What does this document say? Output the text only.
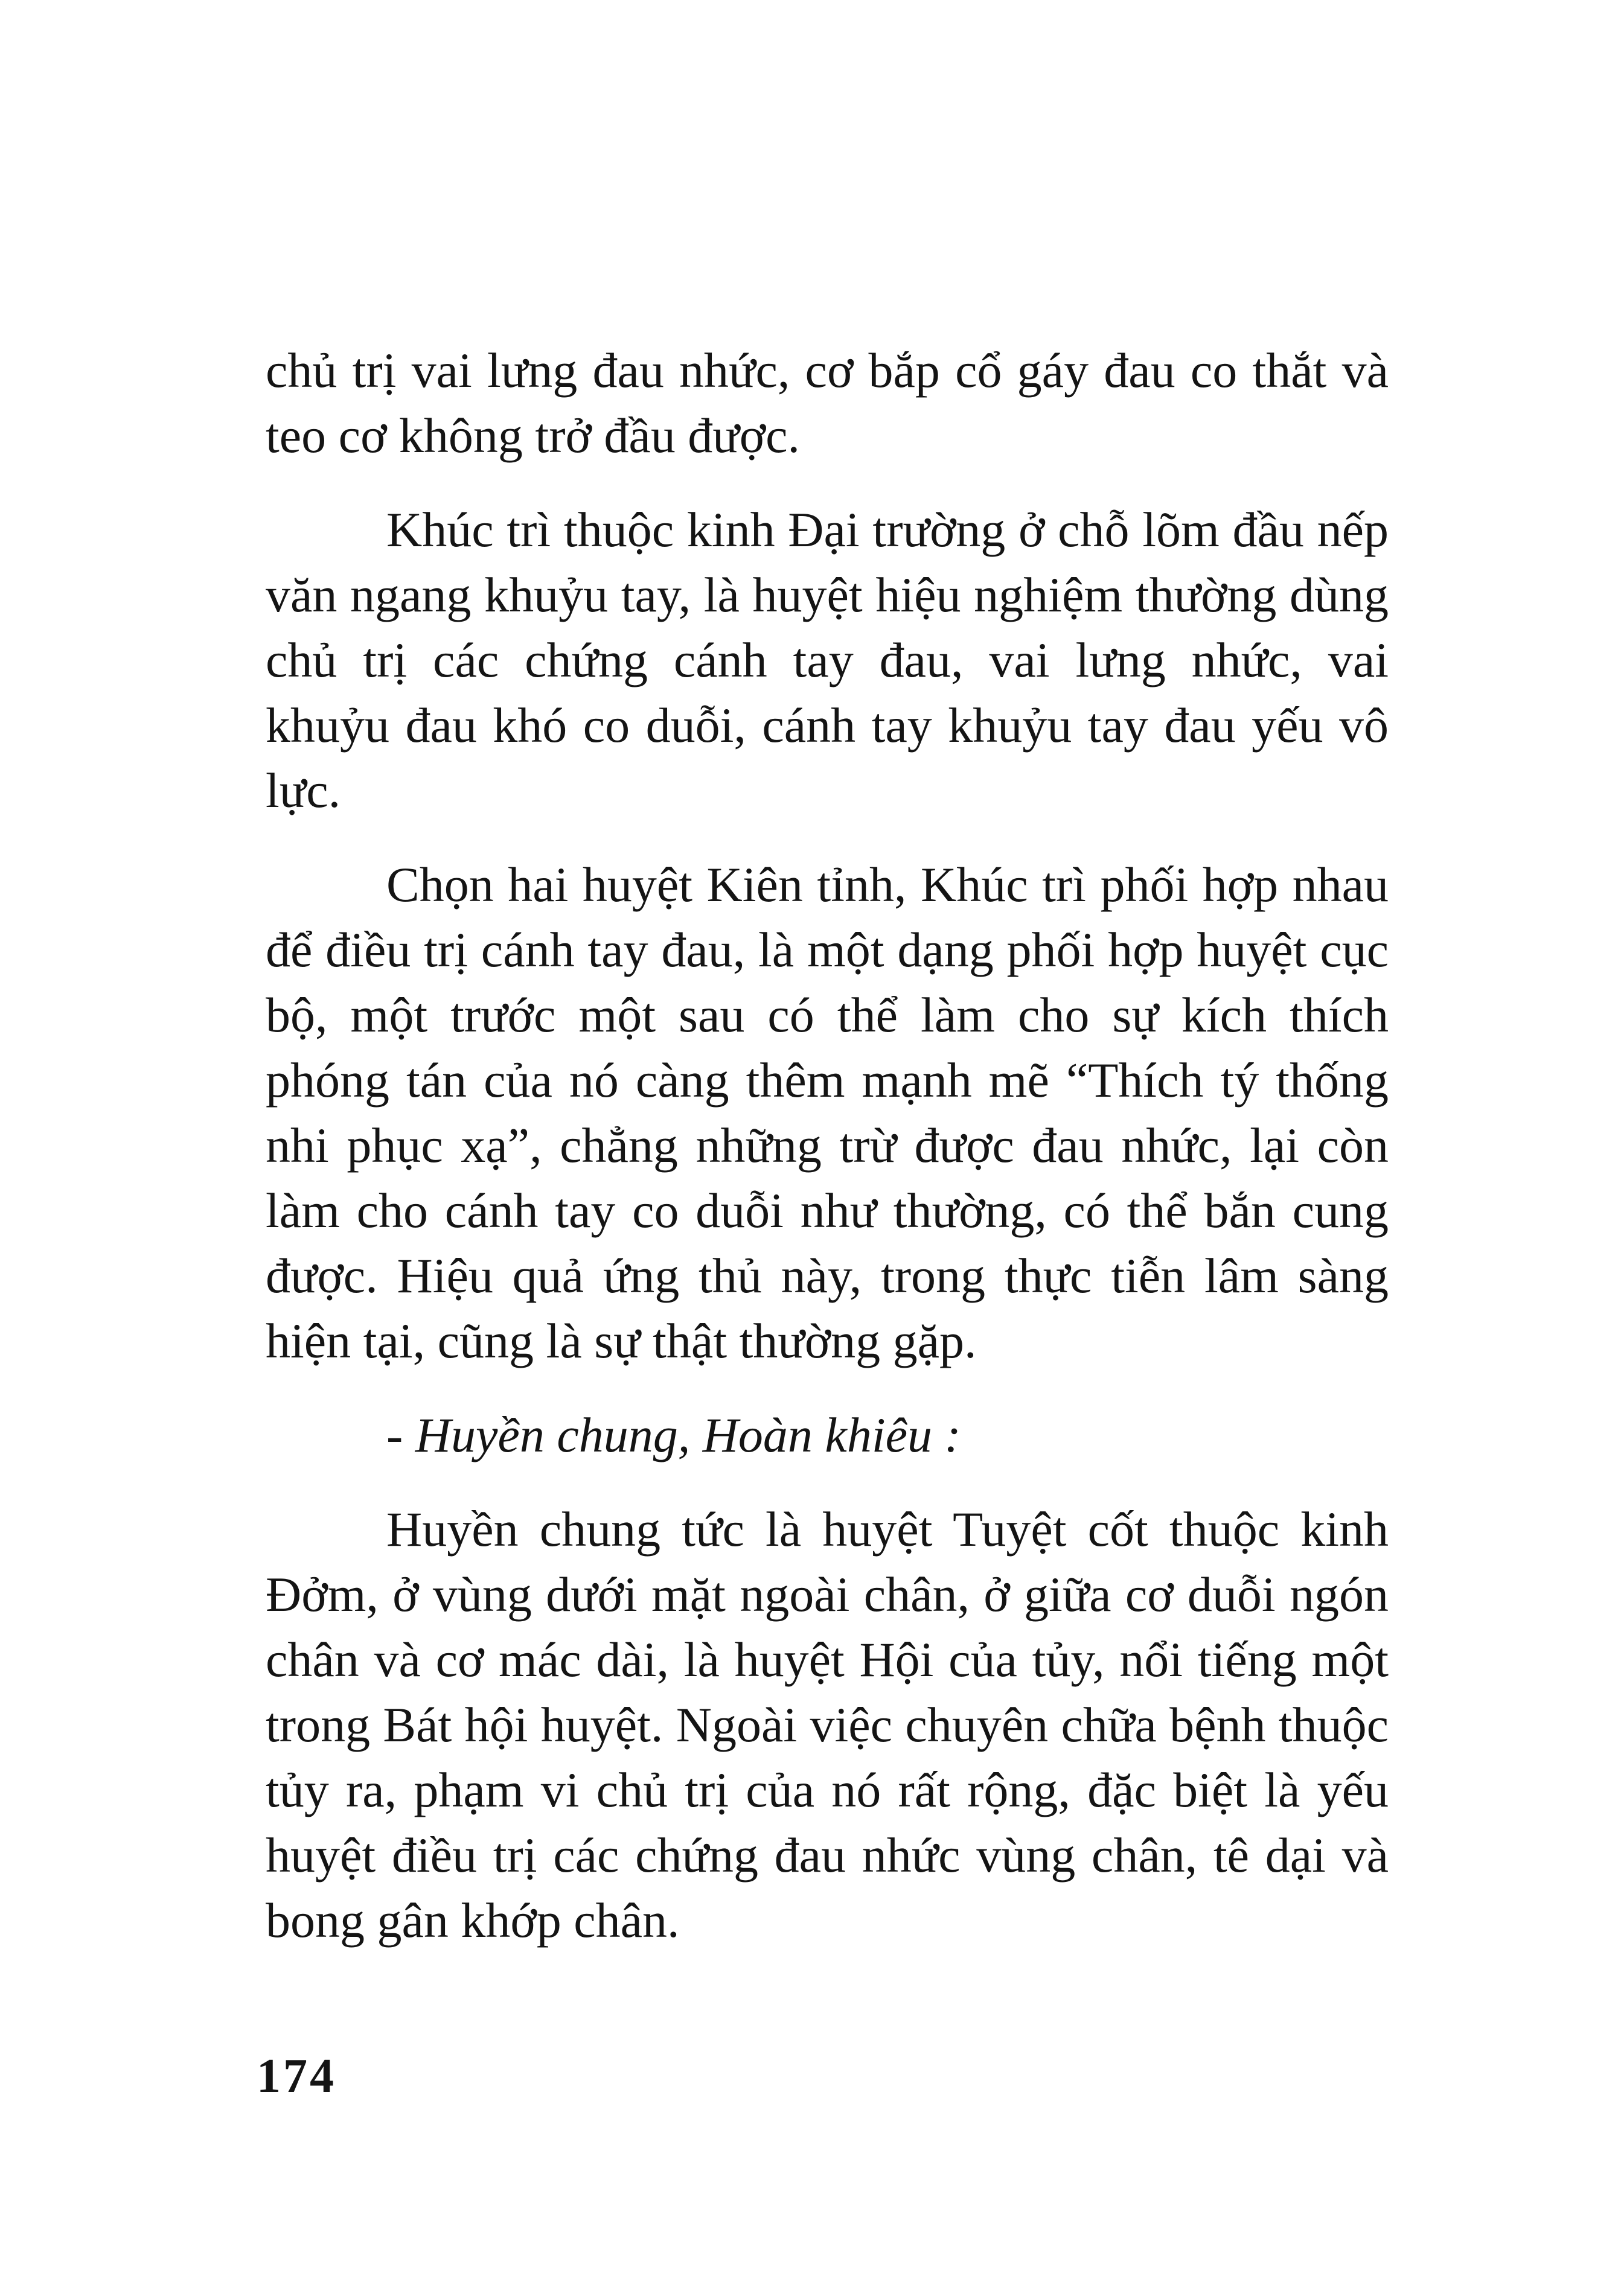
chủ trị vai lưng đau nhức, cơ bắp cổ gáy đau co thắt và teo cơ không trở đầu được.

Khúc trì thuộc kinh Đại trường ở chỗ lõm đầu nếp văn ngang khuỷu tay, là huyệt hiệu nghiệm thường dùng chủ trị các chứng cánh tay đau, vai lưng nhức, vai khuỷu đau khó co duỗi, cánh tay khuỷu tay đau yếu vô lực.

Chọn hai huyệt Kiên tỉnh, Khúc trì phối hợp nhau để điều trị cánh tay đau, là một dạng phối hợp huyệt cục bộ, một trước một sau có thể làm cho sự kích thích phóng tán của nó càng thêm mạnh mẽ “Thích tý thống nhi phục xạ”, chẳng những trừ được đau nhức, lại còn làm cho cánh tay co duỗi như thường, có thể bắn cung được. Hiệu quả ứng thủ này, trong thực tiễn lâm sàng hiện tại, cũng là sự thật thường gặp.

- Huyền chung, Hoàn khiêu :

Huyền chung tức là huyệt Tuyệt cốt thuộc kinh Đởm, ở vùng dưới mặt ngoài chân, ở giữa cơ duỗi ngón chân và cơ mác dài, là huyệt Hội của tủy, nổi tiếng một trong Bát hội huyệt. Ngoài việc chuyên chữa bệnh thuộc tủy ra, phạm vi chủ trị của nó rất rộng, đặc biệt là yếu huyệt điều trị các chứng đau nhức vùng chân, tê dại và bong gân khớp chân.

174
